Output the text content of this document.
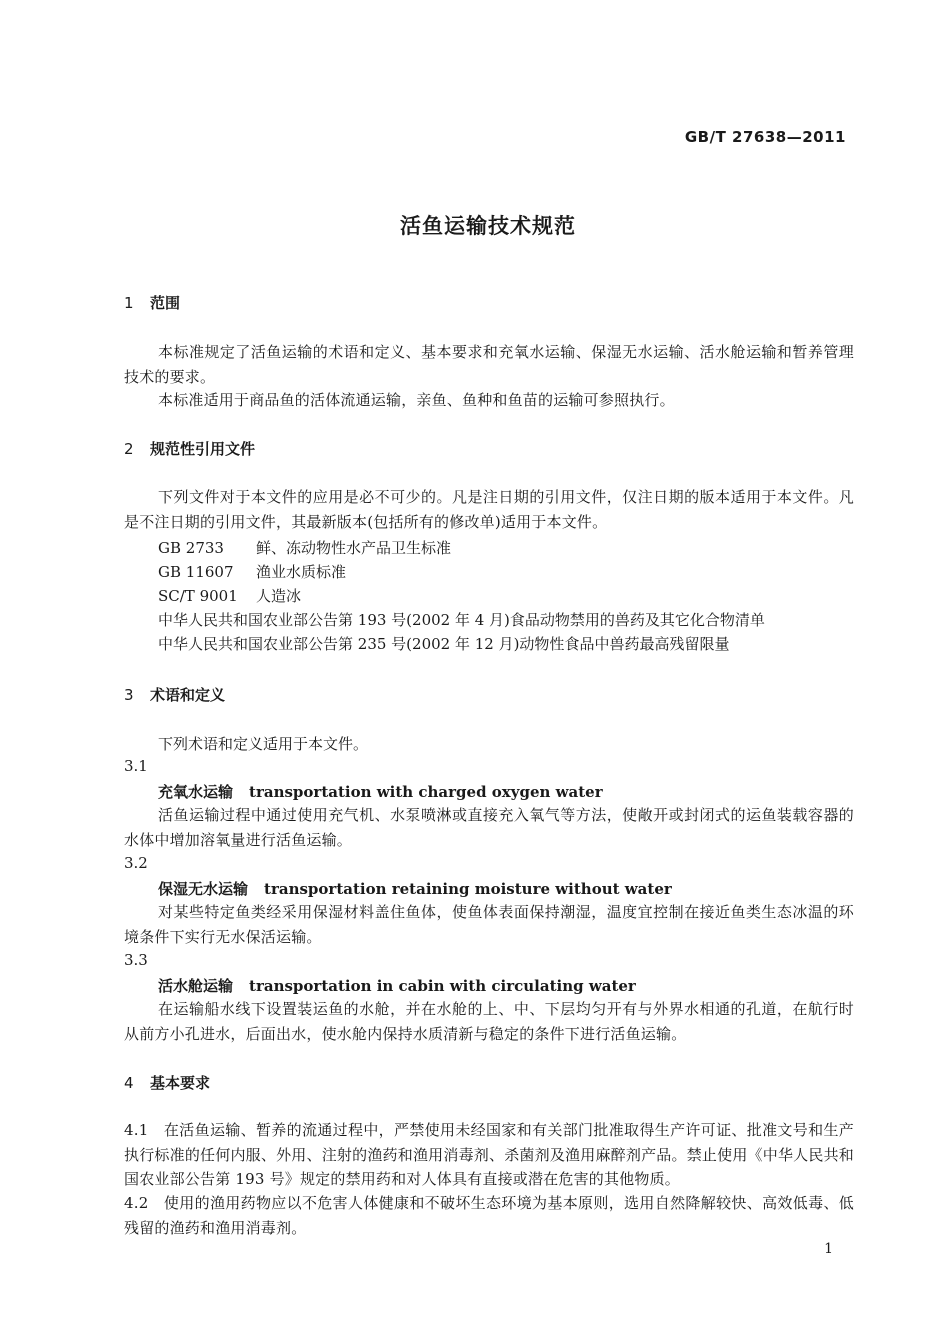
GB/T 27638—2011
活鱼运输技术规范
1 范围
本标准规定了活鱼运输的术语和定义、基本要求和充氧水运输、保湿无水运输、活水舱运输和暂养管理技术的要求。
本标准适用于商品鱼的活体流通运输，亲鱼、鱼种和鱼苗的运输可参照执行。
2 规范性引用文件
下列文件对于本文件的应用是必不可少的。凡是注日期的引用文件，仅注日期的版本适用于本文件。凡是不注日期的引用文件，其最新版本(包括所有的修改单)适用于本文件。
GB 2733 鲜、冻动物性水产品卫生标准
GB 11607 渔业水质标准
SC/T 9001 人造冰
中华人民共和国农业部公告第 193 号(2002 年 4 月)食品动物禁用的兽药及其它化合物清单
中华人民共和国农业部公告第 235 号(2002 年 12 月)动物性食品中兽药最高残留限量
3 术语和定义
下列术语和定义适用于本文件。
3.1
充氧水运输 transportation with charged oxygen water
活鱼运输过程中通过使用充气机、水泵喷淋或直接充入氧气等方法，使敞开或封闭式的运鱼装载容器的水体中增加溶氧量进行活鱼运输。
3.2
保湿无水运输 transportation retaining moisture without water
对某些特定鱼类经采用保湿材料盖住鱼体，使鱼体表面保持潮湿，温度宜控制在接近鱼类生态冰温的环境条件下实行无水保活运输。
3.3
活水舱运输 transportation in cabin with circulating water
在运输船水线下设置装运鱼的水舱，并在水舱的上、中、下层均匀开有与外界水相通的孔道，在航行时从前方小孔进水，后面出水，使水舱内保持水质清新与稳定的条件下进行活鱼运输。
4 基本要求
4.1　在活鱼运输、暂养的流通过程中，严禁使用未经国家和有关部门批准取得生产许可证、批准文号和生产执行标准的任何内服、外用、注射的渔药和渔用消毒剂、杀菌剂及渔用麻醉剂产品。禁止使用《中华人民共和国农业部公告第 193 号》规定的禁用药和对人体具有直接或潜在危害的其他物质。
4.2　使用的渔用药物应以不危害人体健康和不破坏生态环境为基本原则，选用自然降解较快、高效低毒、低残留的渔药和渔用消毒剂。
1
